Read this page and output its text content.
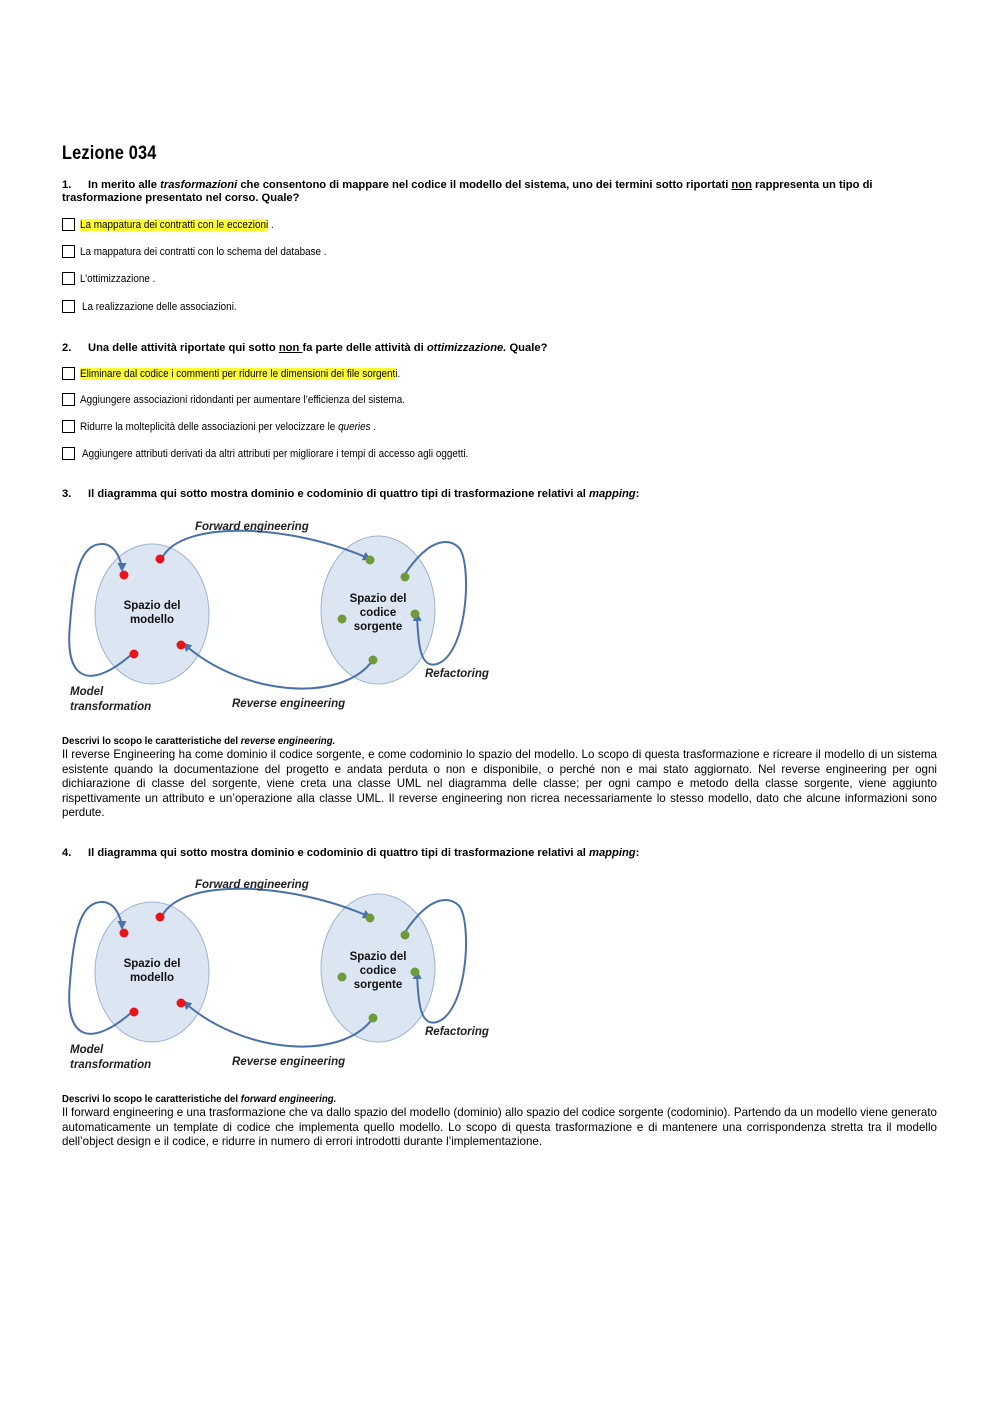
Lezione 034
1. In merito alle trasformazioni che consentono di mappare nel codice il modello del sistema, uno dei termini sotto riportati non rappresenta un tipo di trasformazione presentato nel corso. Quale?
La mappatura dei contratti con le eccezioni .
La mappatura dei contratti con lo schema del database .
L’ottimizzazione .
La realizzazione delle associazioni.
2. Una delle attività riportate qui sotto non fa parte delle attività di ottimizzazione. Quale?
Eliminare dal codice i commenti per ridurre le dimensioni dei file sorgenti.
Aggiungere associazioni ridondanti per aumentare l’efficienza del sistema.
Ridurre la molteplicità delle associazioni per velocizzare le queries .
Aggiungere attributi derivati da altri attributi per migliorare i tempi di accesso agli oggetti.
3. Il diagramma qui sotto mostra dominio e codominio di quattro tipi di trasformazione relativi al mapping:
Spazio del
modello
Spazio del
codice
sorgente
Forward engineering
Reverse engineering
Refactoring
Model
transformation
Descrivi lo scopo le caratteristiche del reverse engineering.
Il reverse Engineering ha come dominio il codice sorgente, e come codominio lo spazio del modello. Lo scopo di questa trasformazione e ricreare il modello di un sistema esistente quando la documentazione del progetto e andata perduta o non e disponibile, o perché non e mai stato aggiornato. Nel reverse engineering per ogni dichiarazione di classe del sorgente, viene creta una classe UML nel diagramma delle classe; per ogni campo e metodo della classe sorgente, viene aggiunto rispettivamente un attributo e un’operazione alla classe UML. Il reverse engineering non ricrea necessariamente lo stesso modello, dato che alcune informazioni sono perdute.
4. Il diagramma qui sotto mostra dominio e codominio di quattro tipi di trasformazione relativi al mapping:
Spazio del
modello
Spazio del
codice
sorgente
Forward engineering
Reverse engineering
Refactoring
Model
transformation
Descrivi lo scopo le caratteristiche del forward engineering.
Il forward engineering e una trasformazione che va dallo spazio del modello (dominio) allo spazio del codice sorgente (codominio). Partendo da un modello viene generato automaticamente un template di codice che implementa quello modello. Lo scopo di questa trasformazione e di mantenere una corrispondenza stretta tra il modello dell’object design e il codice, e ridurre in numero di errori introdotti durante l’implementazione.
